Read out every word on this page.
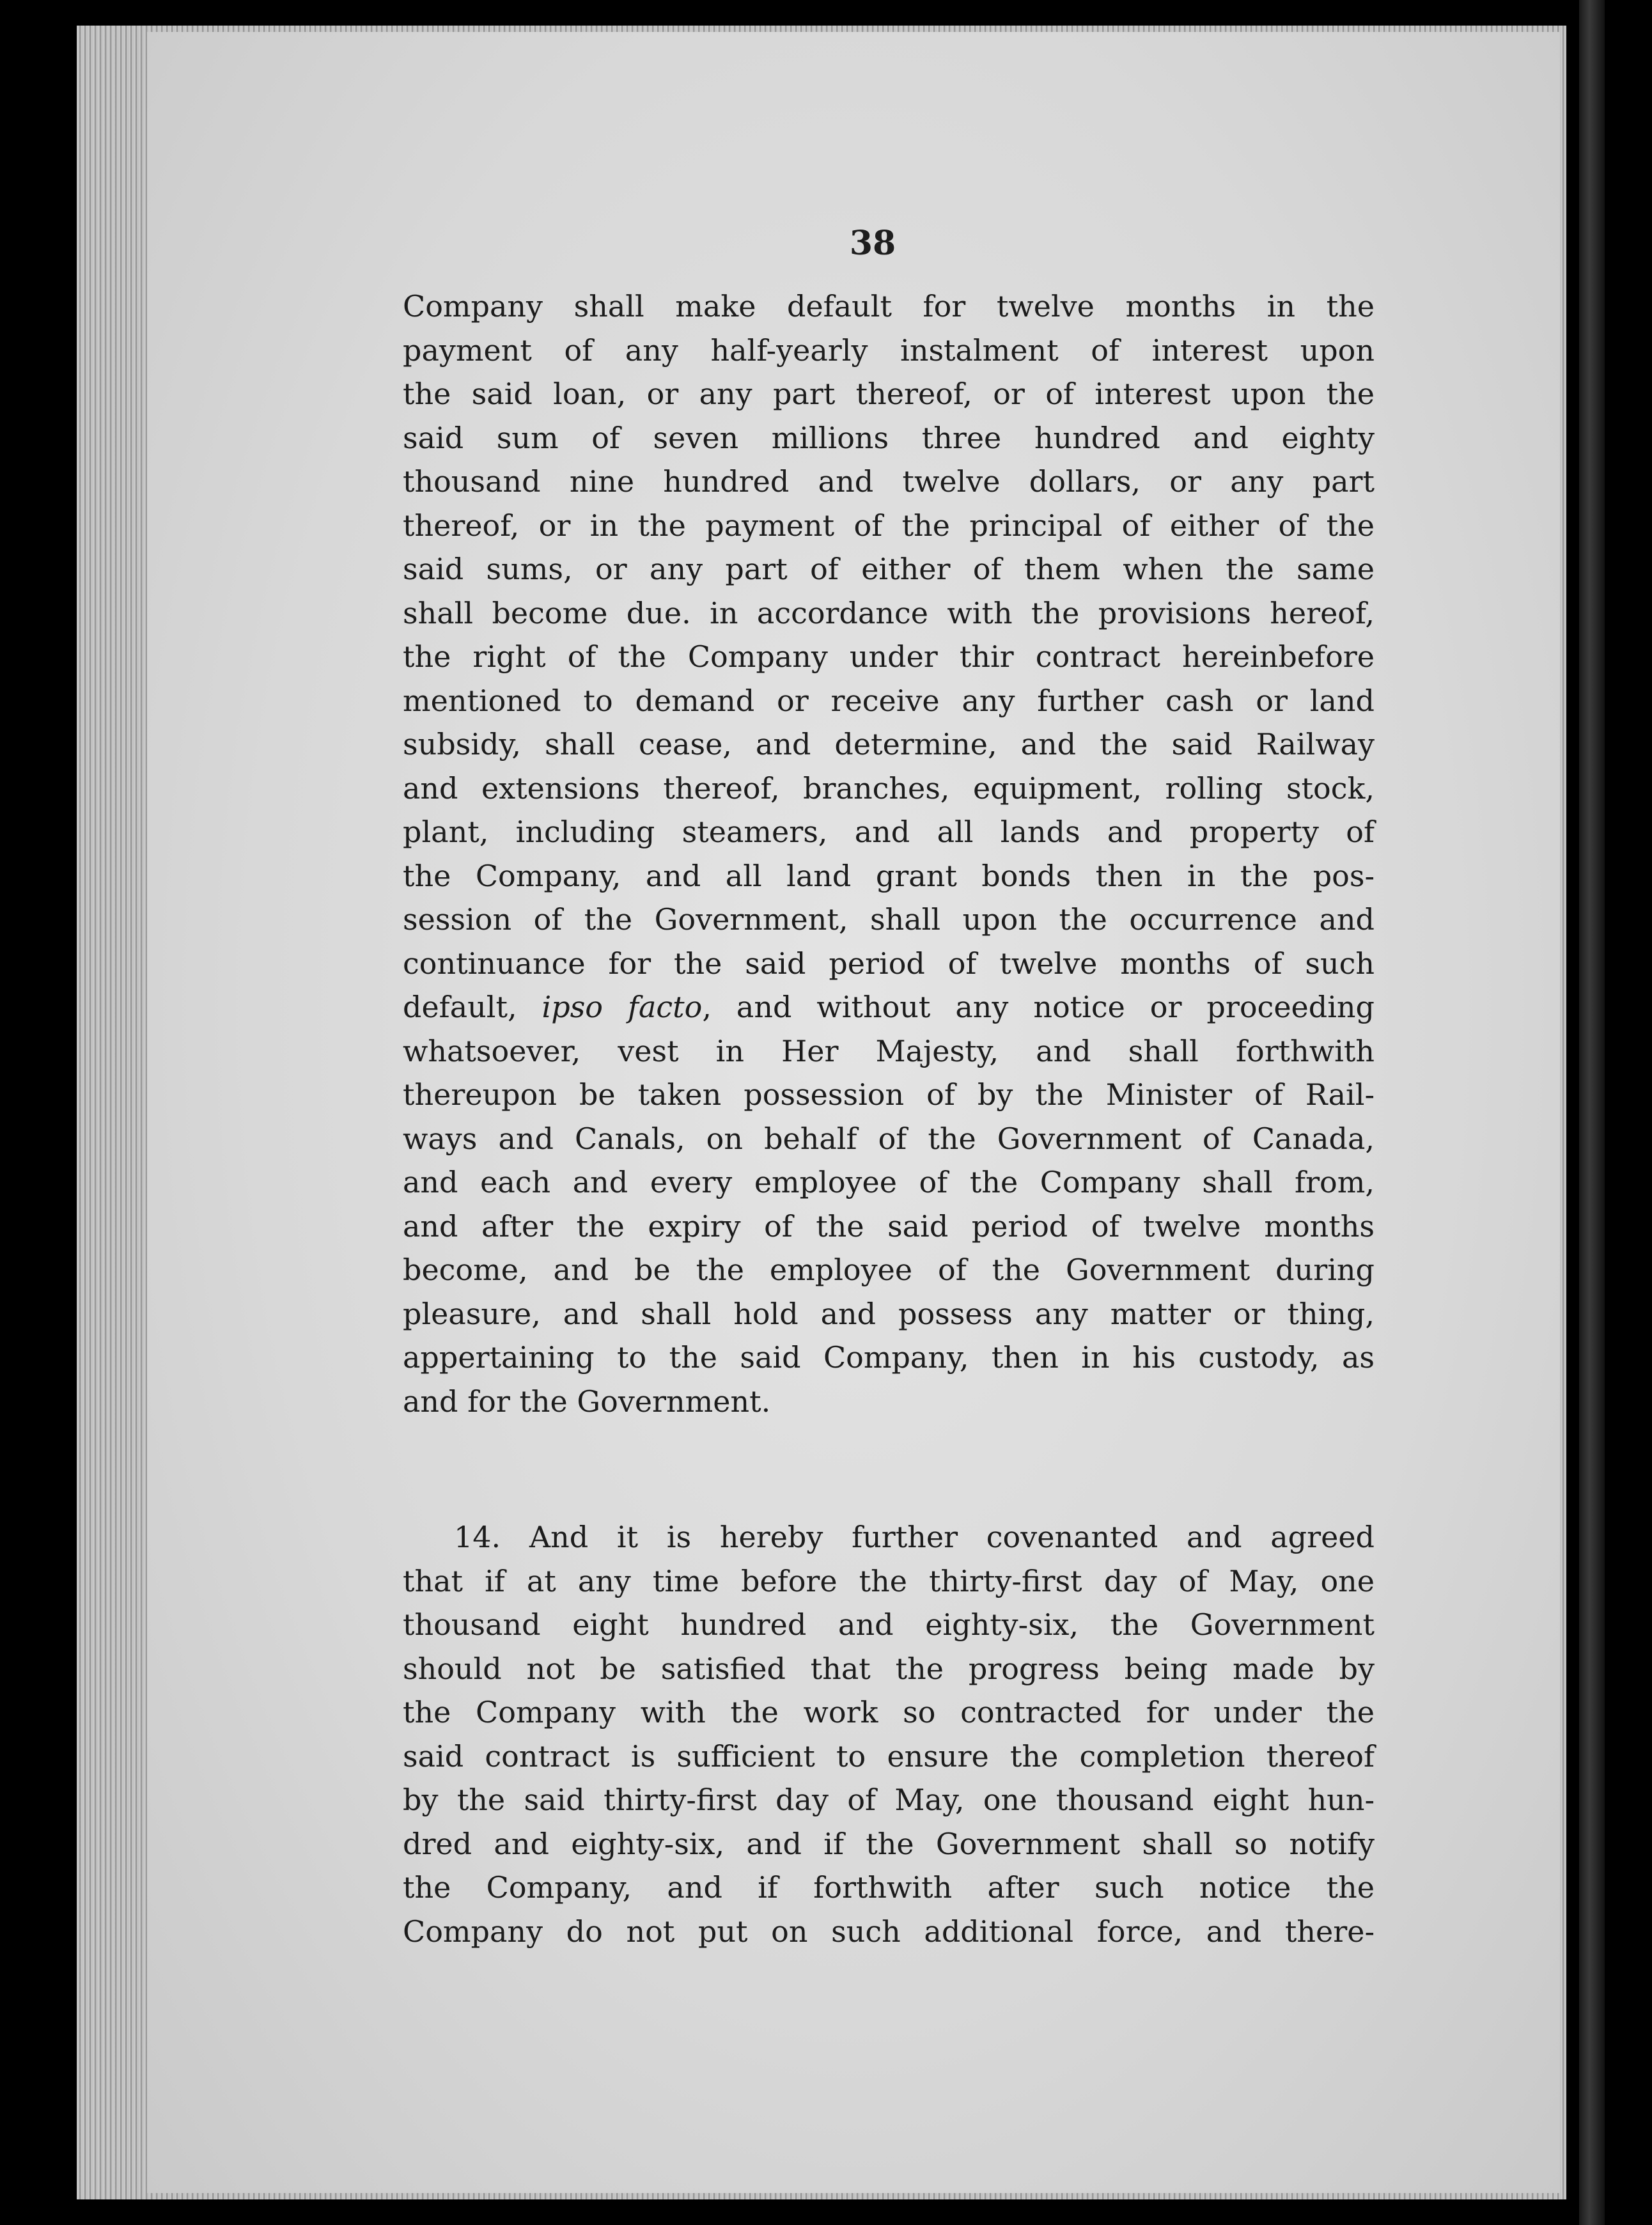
38
Company shall make default for twelve months in the
payment of any half-yearly instalment of interest upon
the said loan, or any part thereof, or of interest upon the
said sum of seven millions three hundred and eighty
thousand nine hundred and twelve dollars, or any part
thereof, or in the payment of the principal of either of the
said sums, or any part of either of them when the same
shall become due. in accordance with the provisions hereof,
the right of the Company under thir contract hereinbefore
mentioned to demand or receive any further cash or land
subsidy, shall cease, and determine, and the said Railway
and extensions thereof, branches, equipment, rolling stock,
plant, including steamers, and all lands and property of
the Company, and all land grant bonds then in the pos-
session of the Government, shall upon the occurrence and
continuance for the said period of twelve months of such
default, ipso facto, and without any notice or proceeding
whatsoever, vest in Her Majesty, and shall forthwith
thereupon be taken possession of by the Minister of Rail-
ways and Canals, on behalf of the Government of Canada,
and each and every employee of the Company shall from,
and after the expiry of the said period of twelve months
become, and be the employee of the Government during
pleasure, and shall hold and possess any matter or thing,
appertaining to the said Company, then in his custody, as
and for the Government.
14. And it is hereby further covenanted and agreed
that if at any time before the thirty-first day of May, one
thousand eight hundred and eighty-six, the Government
should not be satisfied that the progress being made by
the Company with the work so contracted for under the
said contract is sufficient to ensure the completion thereof
by the said thirty-first day of May, one thousand eight hun-
dred and eighty-six, and if the Government shall so notify
the Company, and if forthwith after such notice the
Company do not put on such additional force, and there-
